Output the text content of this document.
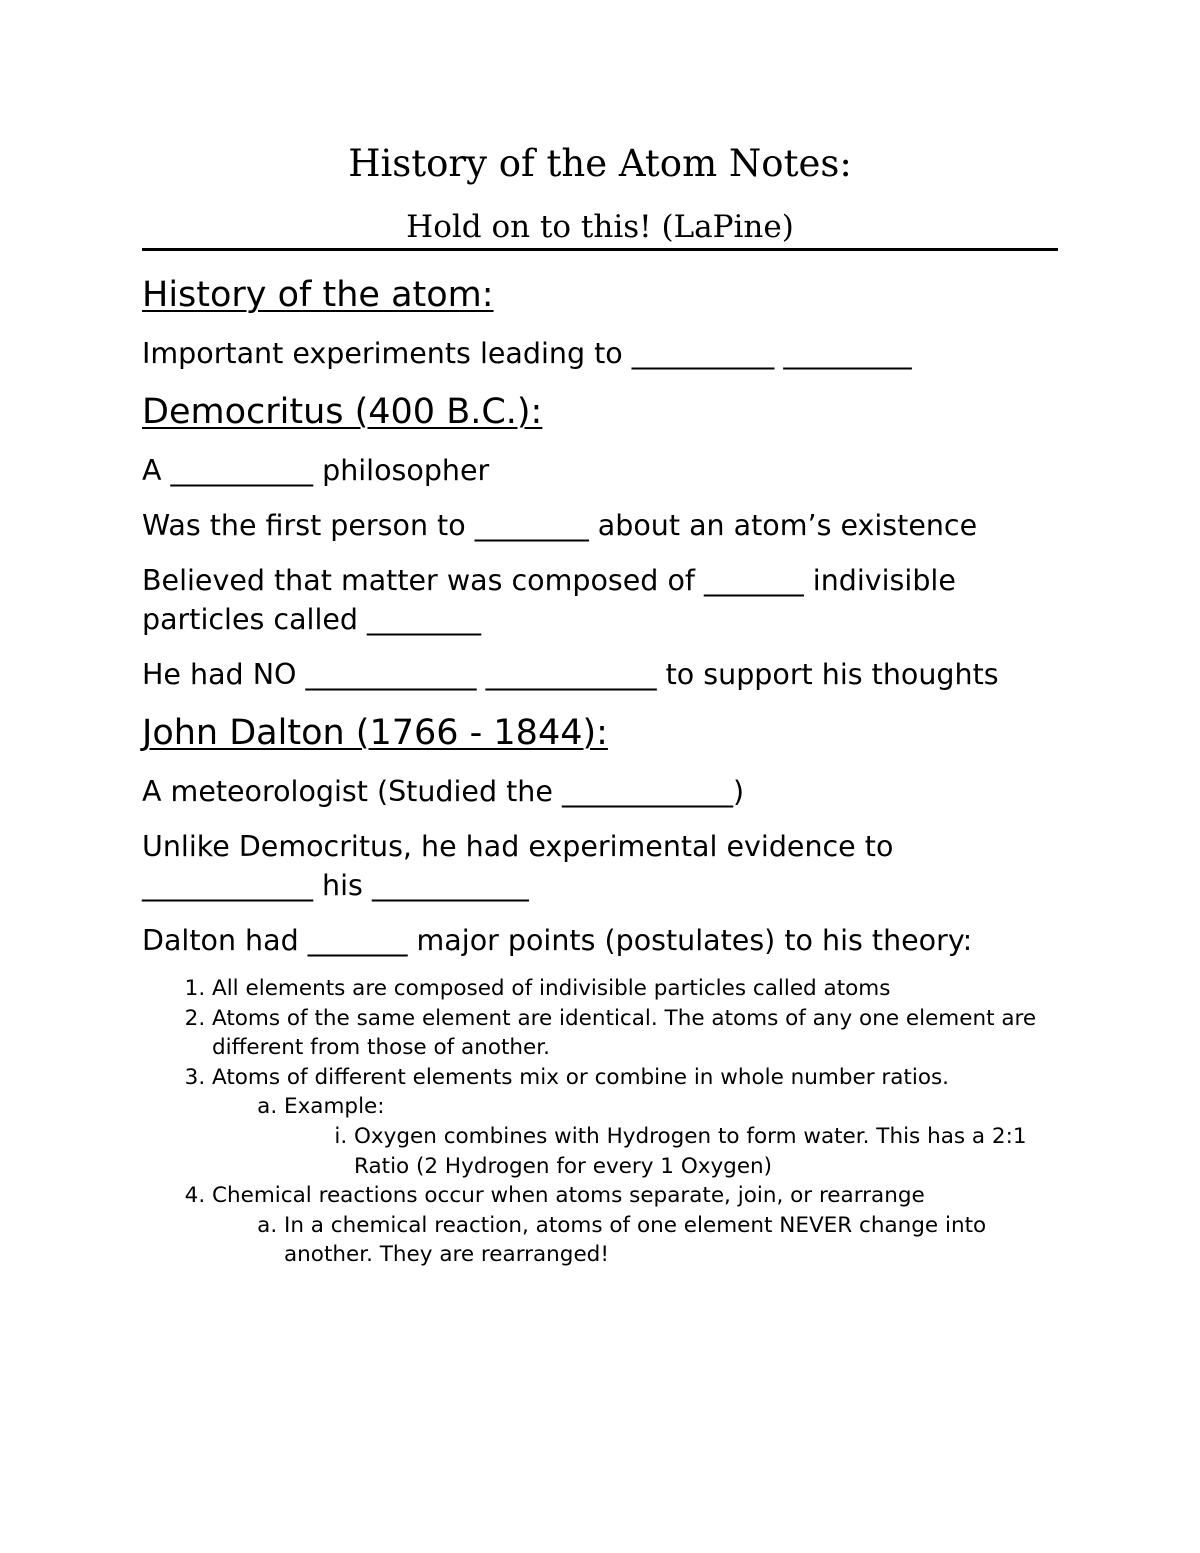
History of the Atom Notes:
Hold on to this! (LaPine)
History of the atom:

Important experiments leading to __________ _________

Democritus (400 B.C.):

A __________ philosopher

Was the first person to ________ about an atom’s existence

Believed that matter was composed of _______ indivisible particles called ________

He had NO ____________ ____________ to support his thoughts

John Dalton (1766 - 1844):

A meteorologist (Studied the ____________)

Unlike Democritus, he had experimental evidence to ____________ his ___________

Dalton had _______ major points (postulates) to his theory:

1. All elements are composed of indivisible particles called atoms
2. Atoms of the same element are identical. The atoms of any one element are different from those of another.
3. Atoms of different elements mix or combine in whole number ratios.
a. Example:
i. Oxygen combines with Hydrogen to form water. This has a 2:1 Ratio (2 Hydrogen for every 1 Oxygen)
4. Chemical reactions occur when atoms separate, join, or rearrange
a. In a chemical reaction, atoms of one element NEVER change into another. They are rearranged!
